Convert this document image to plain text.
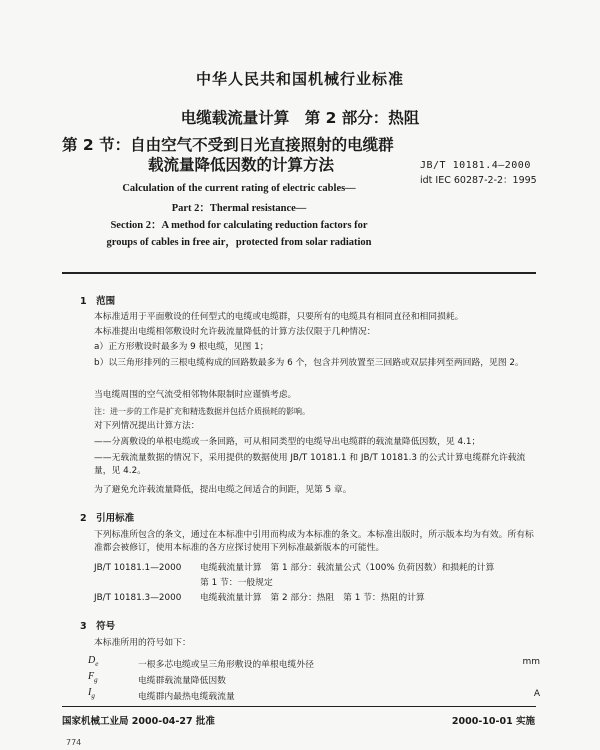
中华人民共和国机械行业标准
电缆载流量计算　第 2 部分：热阻
第 2 节：自由空气不受到日光直接照射的电缆群
载流量降低因数的计算方法	JB/T 10181.4—2000
idt IEC 60287-2-2：1995
Calculation of the current rating of electric cables—
Part 2：Thermal resistance—
Section 2：A method for calculating reduction factors for
groups of cables in free air，protected from solar radiation
1　范围
本标准适用于平面敷设的任何型式的电缆或电缆群，只要所有的电缆具有相同直径和相同损耗。
本标准提出电缆相邻敷设时允许载流量降低的计算方法仅限于几种情况：
a）正方形敷设时最多为 9 根电缆，见图 1；
b）以三角形排列的三根电缆构成的回路数最多为 6 个，包含并列放置至三回路或双层排列至两回路，见图 2。
当电缆周围的空气流受相邻物体限制时应谨慎考虑。
注：进一步的工作是扩充和精选数据并包括介质损耗的影响。
对下列情况提出计算方法：
——分离敷设的单根电缆或一条回路，可从相同类型的电缆导出电缆群的载流量降低因数，见 4.1；
——无载流量数据的情况下，采用提供的数据使用 JB/T 10181.1 和 JB/T 10181.3 的公式计算电缆群允许载流量，见 4.2。
为了避免允许载流量降低，提出电缆之间适合的间距，见第 5 章。
2　引用标准
下列标准所包含的条文，通过在本标准中引用而构成为本标准的条文。本标准出版时，所示版本均为有效。所有标准都会被修订，使用本标准的各方应探讨使用下列标准最新版本的可能性。
JB/T 10181.1—2000	电缆载流量计算　第 1 部分：载流量公式（100% 负荷因数）和损耗的计算
第 1 节：一般规定
JB/T 10181.3—2000	电缆载流量计算　第 2 部分：热阻　第 1 节：热阻的计算
3　符号
本标准所用的符号如下：
$D_e$	一根多芯电缆或呈三角形敷设的单根电缆外径	mm
$F_g$	电缆群载流量降低因数
$I_g$	电缆群内最热电缆载流量	A
国家机械工业局 2000-04-27 批准	2000-10-01 实施
774
